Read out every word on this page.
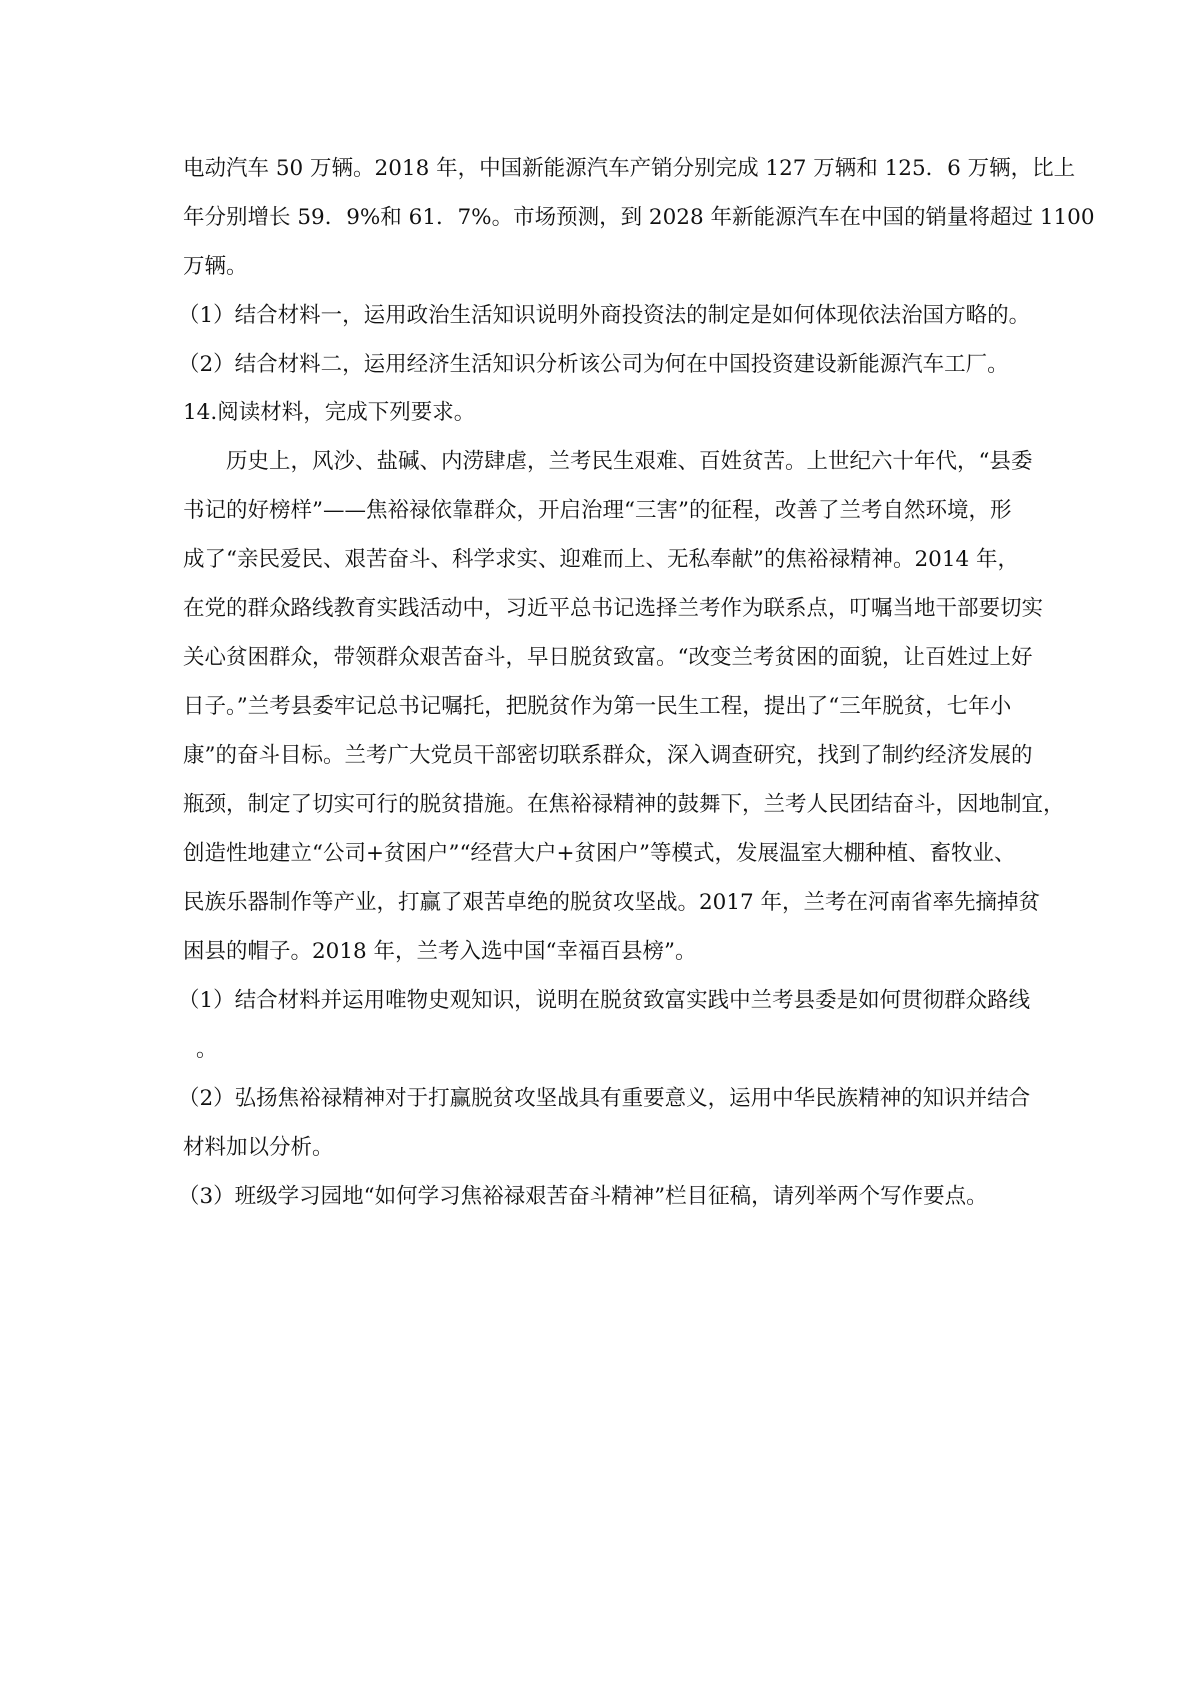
电动汽车 50 万辆。2018 年，中国新能源汽车产销分别完成 127 万辆和 125．6 万辆，比上
年分别增长 59．9%和 61．7%。市场预测，到 2028 年新能源汽车在中国的销量将超过 1100
万辆。
（1）结合材料一，运用政治生活知识说明外商投资法的制定是如何体现依法治国方略的。
（2）结合材料二，运用经济生活知识分析该公司为何在中国投资建设新能源汽车工厂。
14.阅读材料，完成下列要求。
历史上，风沙、盐碱、内涝肆虐，兰考民生艰难、百姓贫苦。上世纪六十年代，“县委
书记的好榜样”——焦裕禄依靠群众，开启治理“三害”的征程，改善了兰考自然环境，形
成了“亲民爱民、艰苦奋斗、科学求实、迎难而上、无私奉献”的焦裕禄精神。2014 年，
在党的群众路线教育实践活动中，习近平总书记选择兰考作为联系点，叮嘱当地干部要切实
关心贫困群众，带领群众艰苦奋斗，早日脱贫致富。“改变兰考贫困的面貌，让百姓过上好
日子。”兰考县委牢记总书记嘱托，把脱贫作为第一民生工程，提出了“三年脱贫，七年小
康”的奋斗目标。兰考广大党员干部密切联系群众，深入调查研究，找到了制约经济发展的
瓶颈，制定了切实可行的脱贫措施。在焦裕禄精神的鼓舞下，兰考人民团结奋斗，因地制宜，
创造性地建立“公司+贫困户”“经营大户+贫困户”等模式，发展温室大棚种植、畜牧业、
民族乐器制作等产业，打赢了艰苦卓绝的脱贫攻坚战。2017 年，兰考在河南省率先摘掉贫
困县的帽子。2018 年，兰考入选中国“幸福百县榜”。
（1）结合材料并运用唯物史观知识，说明在脱贫致富实践中兰考县委是如何贯彻群众路线
。
（2）弘扬焦裕禄精神对于打赢脱贫攻坚战具有重要意义，运用中华民族精神的知识并结合
材料加以分析。
（3）班级学习园地“如何学习焦裕禄艰苦奋斗精神”栏目征稿，请列举两个写作要点。
